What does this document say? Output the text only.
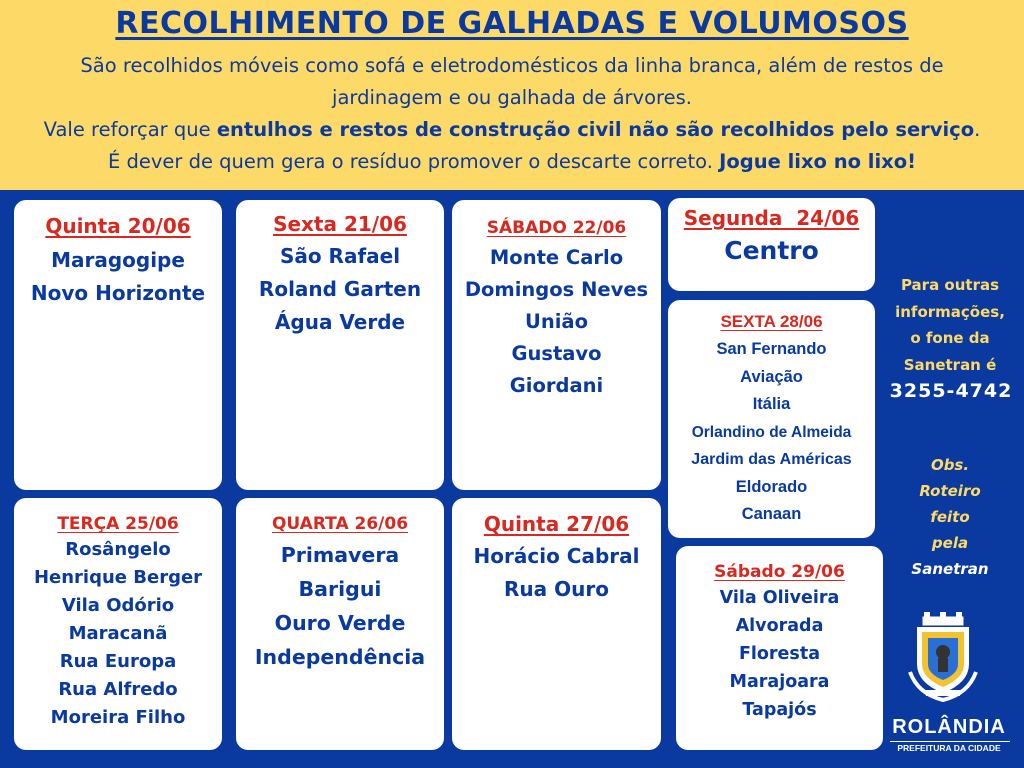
RECOLHIMENTO DE GALHADAS E VOLUMOSOS
São recolhidos móveis como sofá e eletrodomésticos da linha branca, além de restos de
jardinagem e ou galhada de árvores.
Vale reforçar que entulhos e restos de construção civil não são recolhidos pelo serviço.
É dever de quem gera o resíduo promover o descarte correto. Jogue lixo no lixo!
Quinta 20/06
Maragogipe
Novo Horizonte
Sexta 21/06
São Rafael
Roland Garten
Água Verde
SÁBADO 22/06
Monte Carlo
Domingos Neves
União
Gustavo
Giordani
Segunda  24/06
Centro
SEXTA 28/06
San Fernando
Aviação
Itália
Orlandino de Almeida
Jardim das Américas
Eldorado
Canaan
TERÇA 25/06
Rosângelo
Henrique Berger
Vila Odório
Maracanã
Rua Europa
Rua Alfredo
Moreira Filho
QUARTA 26/06
Primavera
Barigui
Ouro Verde
Independência
Quinta 27/06
Horácio Cabral
Rua Ouro
Sábado 29/06
Vila Oliveira
Alvorada
Floresta
Marajoara
Tapajós
Para outras
informações,
o fone da
Sanetran é
3255-4742
Obs.
Roteiro
feito
pela
Sanetran
ROLÂNDIA
PREFEITURA DA CIDADE
